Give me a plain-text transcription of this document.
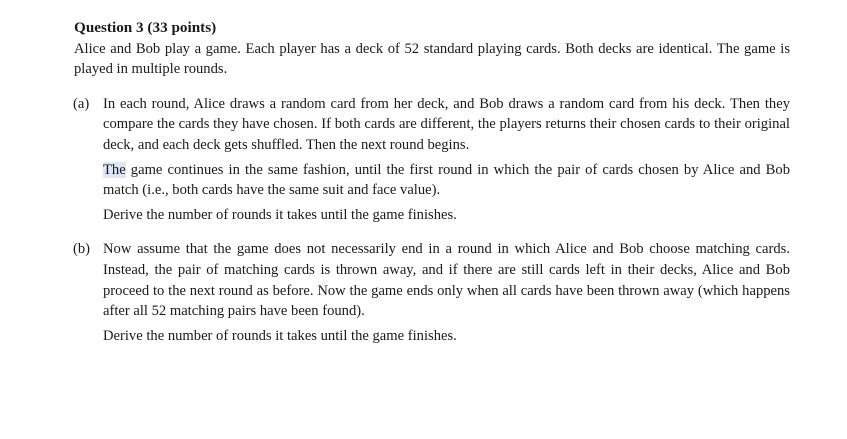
Question 3 (33 points)

Alice and Bob play a game. Each player has a deck of 52 standard playing cards. Both decks are identical. The game is played in multiple rounds.

(a) In each round, Alice draws a random card from her deck, and Bob draws a random card from his deck. Then they compare the cards they have chosen. If both cards are different, the players returns their chosen cards to their original deck, and each deck gets shuffled. Then the next round begins.

The game continues in the same fashion, until the first round in which the pair of cards chosen by Alice and Bob match (i.e., both cards have the same suit and face value).

Derive the number of rounds it takes until the game finishes.

(b) Now assume that the game does not necessarily end in a round in which Alice and Bob choose matching cards. Instead, the pair of matching cards is thrown away, and if there are still cards left in their decks, Alice and Bob proceed to the next round as before. Now the game ends only when all cards have been thrown away (which happens after all 52 matching pairs have been found).

Derive the number of rounds it takes until the game finishes.
